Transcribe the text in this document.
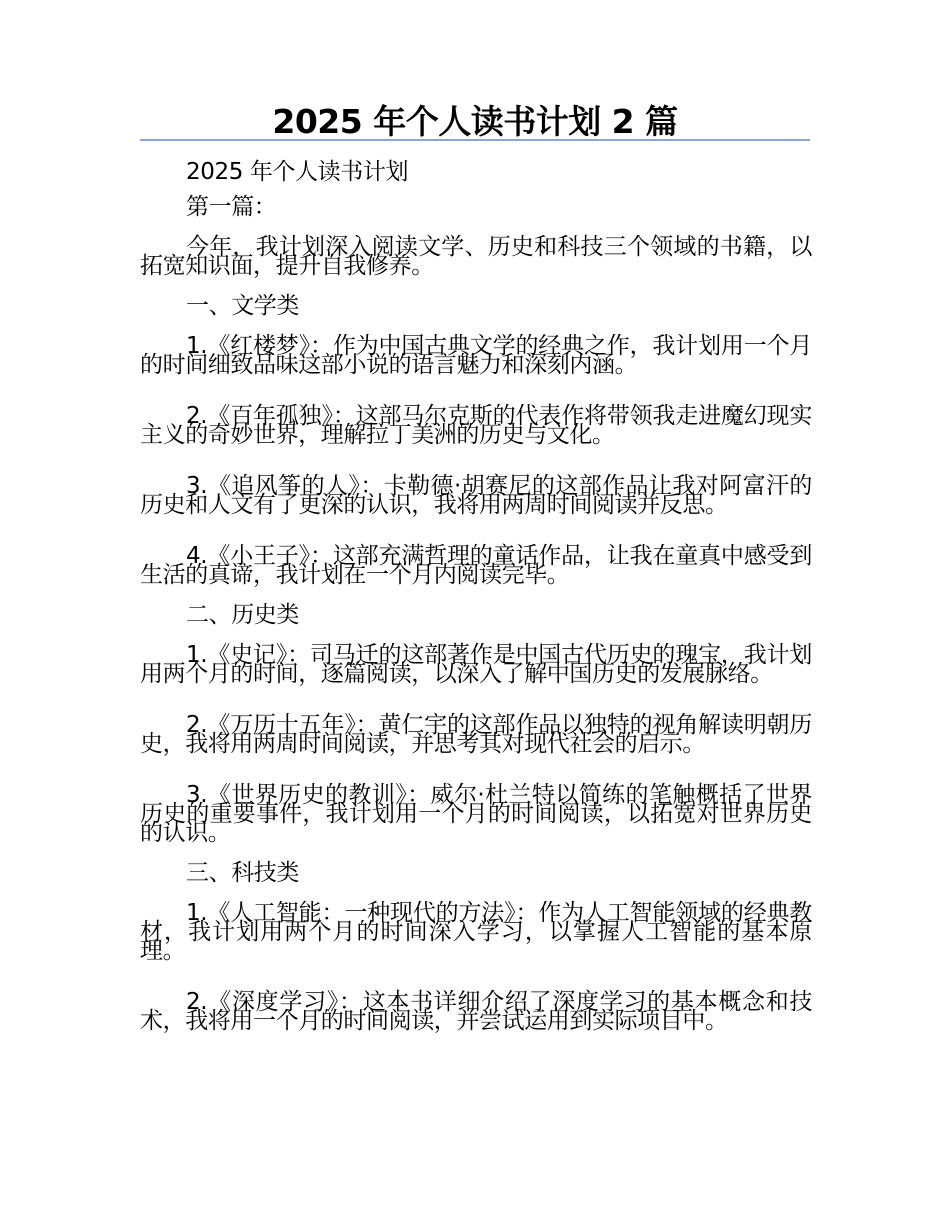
2025 年个人读书计划 2 篇

2025 年个人读书计划

第一篇：

今年，我计划深入阅读文学、历史和科技三个领域的书籍，以拓宽知识面，提升自我修养。

一、文学类

1.《红楼梦》：作为中国古典文学的经典之作，我计划用一个月的时间细致品味这部小说的语言魅力和深刻内涵。

2.《百年孤独》：这部马尔克斯的代表作将带领我走进魔幻现实主义的奇妙世界，理解拉丁美洲的历史与文化。

3.《追风筝的人》：卡勒德·胡赛尼的这部作品让我对阿富汗的历史和人文有了更深的认识，我将用两周时间阅读并反思。

4.《小王子》：这部充满哲理的童话作品，让我在童真中感受到生活的真谛，我计划在一个月内阅读完毕。

二、历史类

1.《史记》：司马迁的这部著作是中国古代历史的瑰宝，我计划用两个月的时间，逐篇阅读，以深入了解中国历史的发展脉络。

2.《万历十五年》：黄仁宇的这部作品以独特的视角解读明朝历史，我将用两周时间阅读，并思考其对现代社会的启示。

3.《世界历史的教训》：威尔·杜兰特以简练的笔触概括了世界历史的重要事件，我计划用一个月的时间阅读，以拓宽对世界历史的认识。

三、科技类

1.《人工智能：一种现代的方法》：作为人工智能领域的经典教材，我计划用两个月的时间深入学习，以掌握人工智能的基本原理。

2.《深度学习》：这本书详细介绍了深度学习的基本概念和技术，我将用一个月的时间阅读，并尝试运用到实际项目中。
